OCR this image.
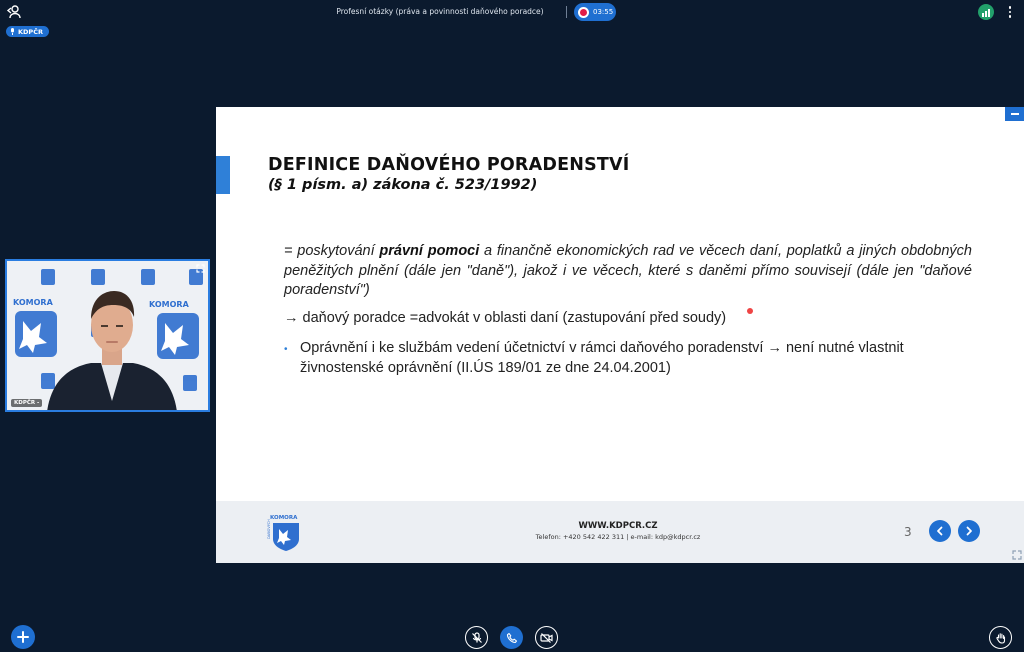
Profesní otázky (práva a povinnosti daňového poradce)	03:55
KDPČR
KOMORA	KOMORA
KDPČR -
DEFINICE DAŇOVÉHO PORADENSTVÍ
(§ 1 písm. a) zákona č. 523/1992)
= poskytování právní pomoci a finančně ekonomických rad ve věcech daní, poplatků a jiných obdobných peněžitých plnění (dále jen "daně"), jakož i ve věcech, které s daněmi přímo souvisejí (dále jen "daňové poradenství")
→ daňový poradce =advokát v oblasti daní (zastupování před soudy)
• Oprávnění i ke službám vedení účetnictví v rámci daňového poradenství → není nutné vlastnit živnostenské oprávnění (II.ÚS 189/01 ze dne 24.04.2001)
KOMORA
DAŇOVÝCH	WWW.KDPCR.CZ
Telefon: +420 542 422 311 | e-mail: kdp@kdpcr.cz	3
